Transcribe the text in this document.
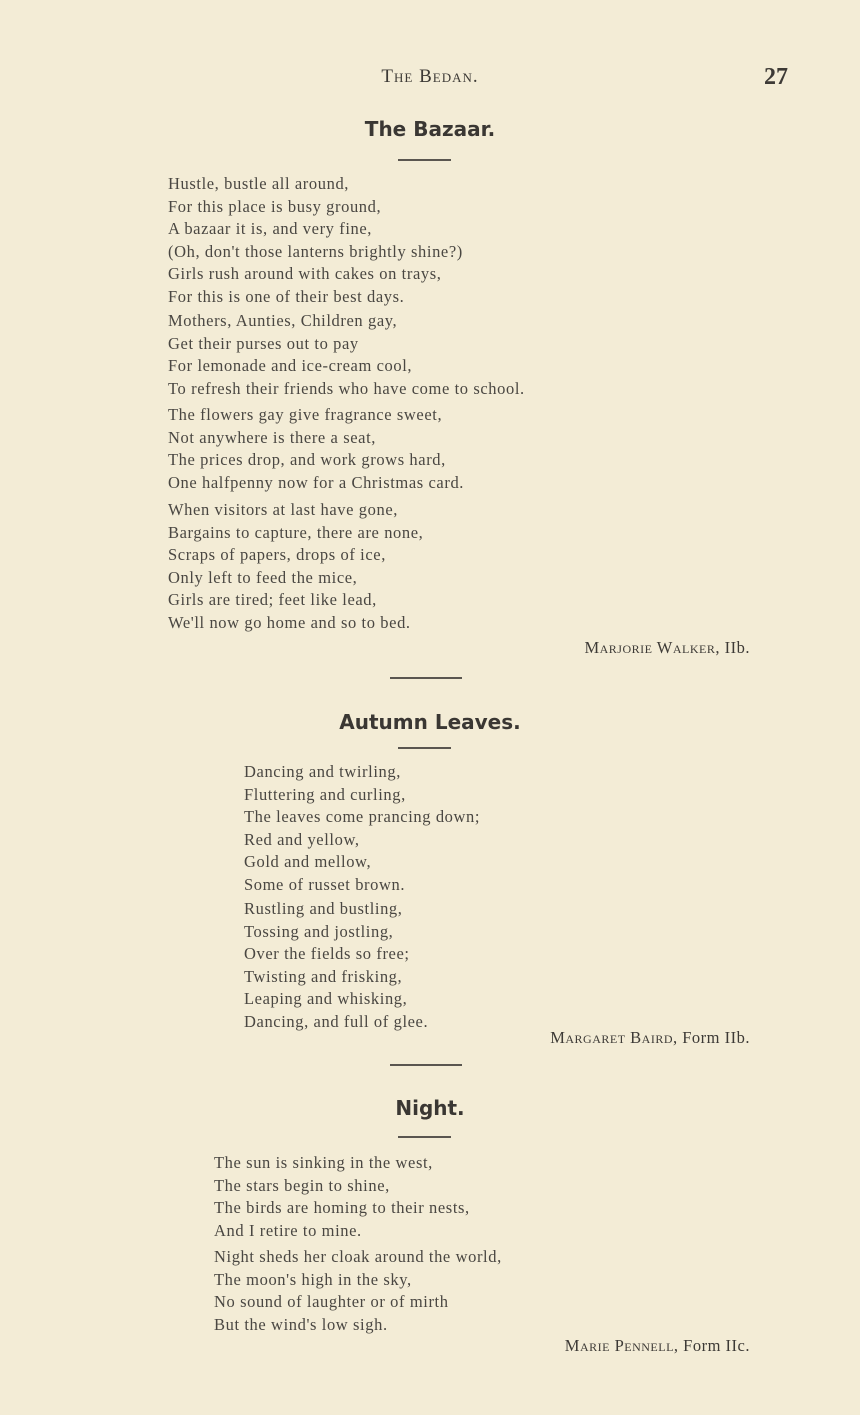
The Bedan.	27
The Bazaar.
Hustle, bustle all around,
For this place is busy ground,
A bazaar it is, and very fine,
(Oh, don't those lanterns brightly shine?)
Girls rush around with cakes on trays,
For this is one of their best days.
Mothers, Aunties, Children gay,
Get their purses out to pay
For lemonade and ice-cream cool,
To refresh their friends who have come to school.
The flowers gay give fragrance sweet,
Not anywhere is there a seat,
The prices drop, and work grows hard,
One halfpenny now for a Christmas card.
When visitors at last have gone,
Bargains to capture, there are none,
Scraps of papers, drops of ice,
Only left to feed the mice,
Girls are tired; feet like lead,
We'll now go home and so to bed.
Marjorie Walker, IIb.
Autumn Leaves.
Dancing and twirling,
Fluttering and curling,
The leaves come prancing down;
Red and yellow,
Gold and mellow,
Some of russet brown.
Rustling and bustling,
Tossing and jostling,
Over the fields so free;
Twisting and frisking,
Leaping and whisking,
Dancing, and full of glee.
Margaret Baird, Form IIb.
Night.
The sun is sinking in the west,
The stars begin to shine,
The birds are homing to their nests,
And I retire to mine.
Night sheds her cloak around the world,
The moon's high in the sky,
No sound of laughter or of mirth
But the wind's low sigh.
Marie Pennell, Form IIc.
